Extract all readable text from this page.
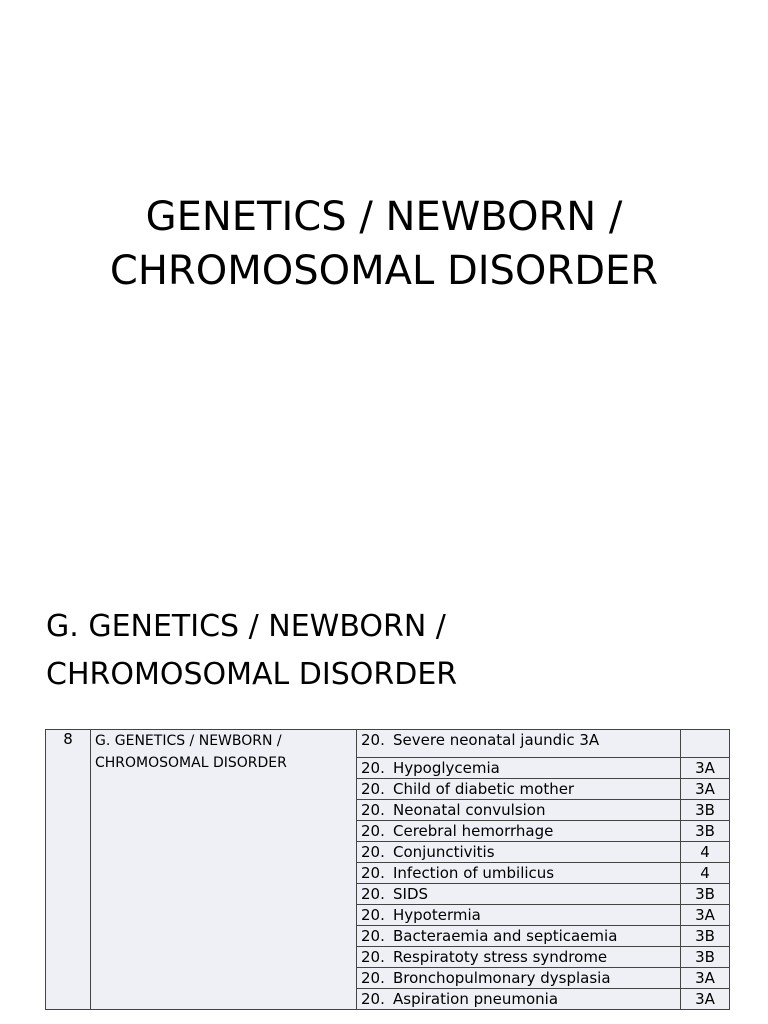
GENETICS / NEWBORN /
CHROMOSOMAL DISORDER
G. GENETICS / NEWBORN /
CHROMOSOMAL DISORDER
8	G. GENETICS / NEWBORN /
CHROMOSOMAL DISORDER	20. Severe neonatal jaundic 3A	
		20. Hypoglycemia	3A
		20. Child of diabetic mother	3A
		20. Neonatal convulsion	3B
		20. Cerebral hemorrhage	3B
		20. Conjunctivitis	4
		20. Infection of umbilicus	4
		20. SIDS	3B
		20. Hypotermia	3A
		20. Bacteraemia and septicaemia	3B
		20. Respiratoty stress syndrome	3B
		20. Bronchopulmonary dysplasia	3A
		20. Aspiration pneumonia	3A
